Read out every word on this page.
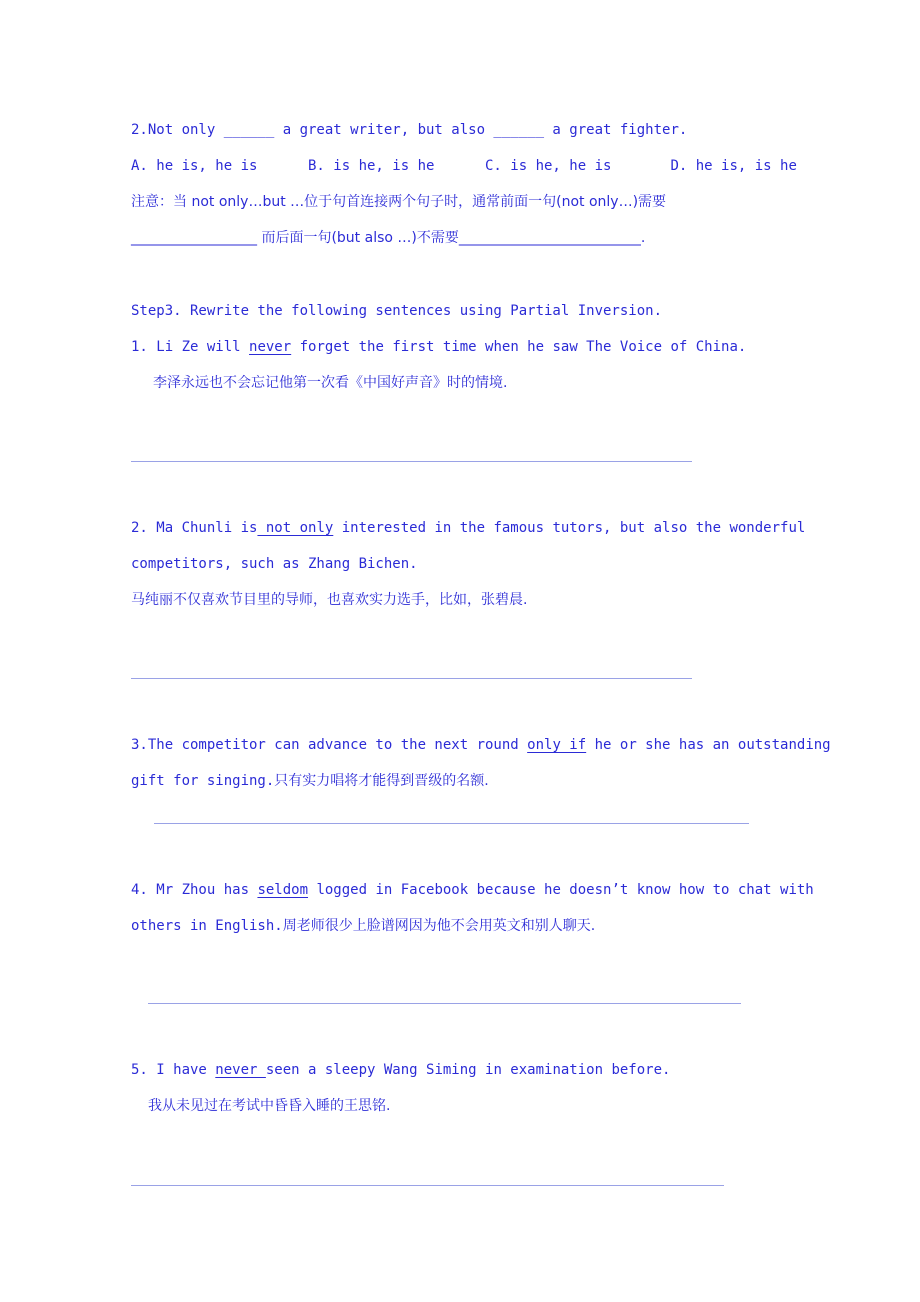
2.Not only ______ a great writer, but also ______ a great fighter.
A. he is, he is      B. is he, is he      C. is he, he is       D. he is, is he
注意：当 not only…but …位于句首连接两个句子时，通常前面一句(not only…)需要
__________________ 而后面一句(but also …)不需要__________________________.
Step3. Rewrite the following sentences using Partial Inversion.
1. Li Ze will never forget the first time when he saw The Voice of China.
李泽永远也不会忘记他第一次看《中国好声音》时的情境.
2. Ma Chunli is not only interested in the famous tutors, but also the wonderful
competitors, such as Zhang Bichen.
马纯丽不仅喜欢节目里的导师，也喜欢实力选手，比如，张碧晨.
3.The competitor can advance to the next round only if he or she has an outstanding
gift for singing.只有实力唱将才能得到晋级的名额.
4. Mr Zhou has seldom logged in Facebook because he doesn’t know how to chat with
others in English.周老师很少上脸谱网因为他不会用英文和别人聊天.
5. I have never seen a sleepy Wang Siming in examination before.
我从未见过在考试中昏昏入睡的王思铭.
